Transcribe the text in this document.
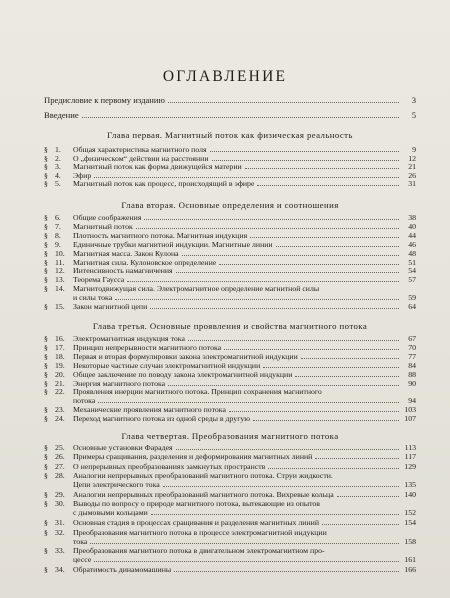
ОГЛАВЛЕНИЕ
Предисловие к первому изданию	3
Введение	5
Глава первая. Магнитный поток как физическая реальность
Глава вторая. Основные определения и соотношения
Глава третья. Основные проявления и свойства магнитного потока
Глава четвертая. Преобразования магнитного потока
§ 1.	Общая характеристика магнитного поля	9
§ 2.	О „физическом“ действии на расстоянии	12
§ 3.	Магнитный поток как форма движущейся материи	21
§ 4.	Эфир	26
§ 5.	Магнитный поток как процесс, происходящий в эфире	31
§ 6.	Общие соображения	38
§ 7.	Магнитный поток	40
§ 8.	Плотность магнитного потока. Магнитная индукция	44
§ 9.	Единичные трубки магнитной индукции. Магнитные линии	46
§ 10.	Магнитная масса. Закон Кулона	48
§ 11.	Магнитная сила. Кулоновское определение	51
§ 12.	Интенсивность намагничения	54
§ 13.	Теорема Гаусса	57
§ 14.	Магнитодвижущая сила. Электромагнитное определение магнитной силы
и силы тока	59
§ 15.	Закон магнитной цепи	64
§ 16.	Электромагнитная индукция тока	67
§ 17.	Принцип непрерывности магнитного потока	70
§ 18.	Первая и вторая формулировки закона электромагнитной индукции	77
§ 19.	Некоторые частные случаи электромагнитной индукции	84
§ 20.	Общее заключение по поводу закона электромагнитной индукции	88
§ 21.	Энергия магнитного потока	90
§ 22.	Проявления инерции магнитного потока. Принцип сохранения магнитного
потока	94
§ 23.	Механические проявления магнитного потока	103
§ 24.	Переход магнитного потока из одной среды в другую	107
§ 25.	Основные установки Фарадея	113
§ 26.	Примеры сращивания, разделения и деформирования магнитных линий	117
§ 27.	О непрерывных преобразованиях замкнутых пространств	129
§ 28.	Аналогии непрерывных преобразований магнитного потока. Струи жидкости.
Цепи электрического тока	135
§ 29.	Аналогии непрерывных преобразований магнитного потока. Вихревые кольца	140
§ 30.	Выводы по вопросу о природе магнитного потока, вытекающие из опытов
с дымовыми кольцами	152
§ 31.	Основная стадия в процессах сращивания и разделения магнитных линий	154
§ 32.	Преобразования магнитного потока в процессе электромагнитной индукции
тока	158
§ 33.	Преобразования магнитного потока в двигательном электромагнитном про-
цессе	161
§ 34.	Обратимость динамомашины	166
